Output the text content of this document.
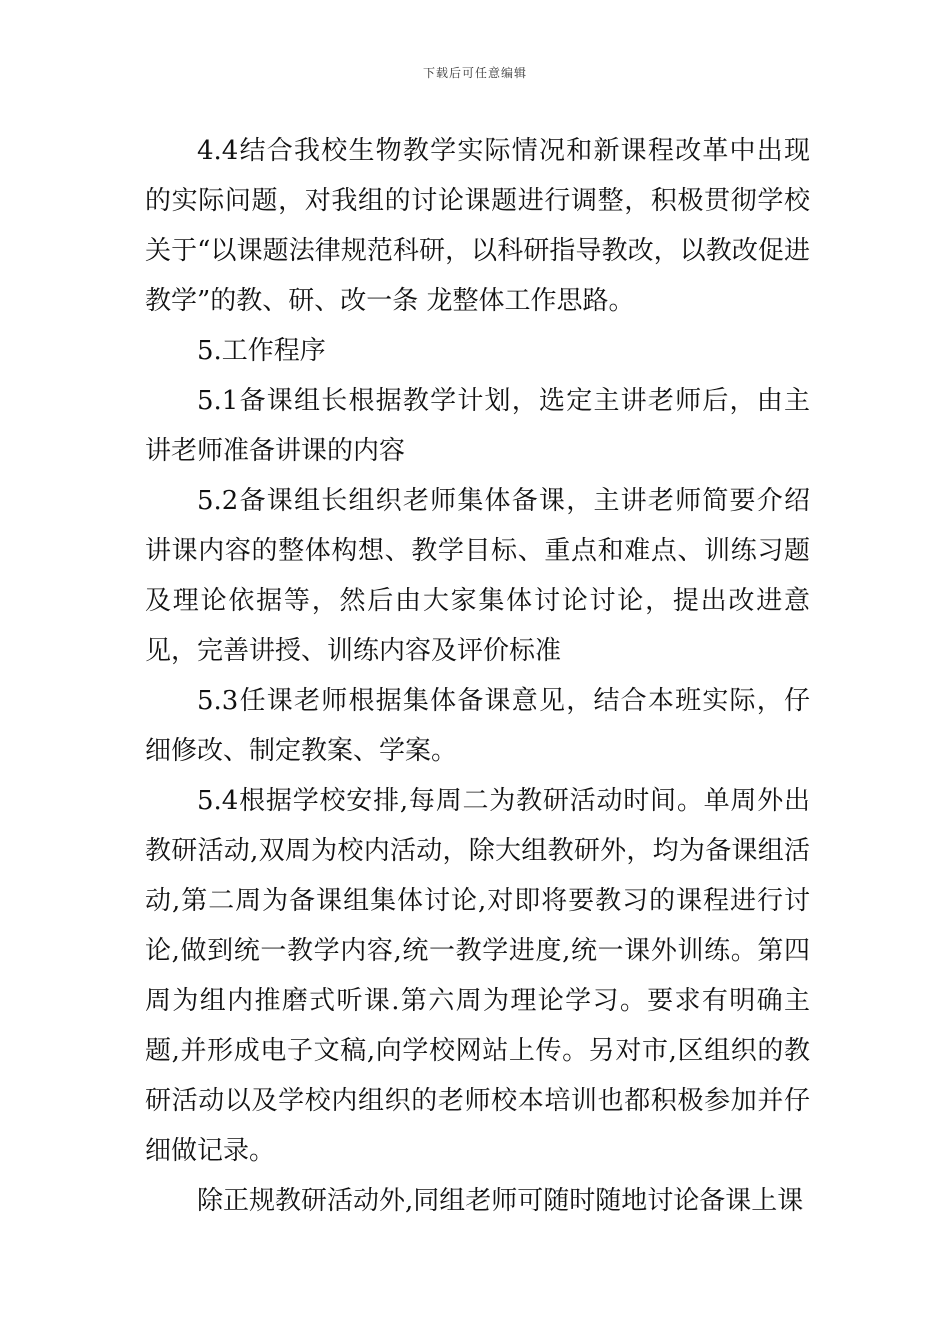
下载后可任意编辑

4.4结合我校生物教学实际情况和新课程改革中出现的实际问题，对我组的讨论课题进行调整，积极贯彻学校关于“以课题法律规范科研，以科研指导教改，以教改促进教学”的教、研、改一条 龙整体工作思路。

5.工作程序

5.1备课组长根据教学计划，选定主讲老师后，由主讲老师准备讲课的内容

5.2备课组长组织老师集体备课，主讲老师简要介绍讲课内容的整体构想、教学目标、重点和难点、训练习题及理论依据等，然后由大家集体讨论讨论，提出改进意见，完善讲授、训练内容及评价标准

5.3任课老师根据集体备课意见，结合本班实际，仔细修改、制定教案、学案。

5.4根据学校安排,每周二为教研活动时间。单周外出教研活动,双周为校内活动，除大组教研外，均为备课组活动,第二周为备课组集体讨论,对即将要教习的课程进行讨论,做到统一教学内容,统一教学进度,统一课外训练。第四周为组内推磨式听课.第六周为理论学习。要求有明确主题,并形成电子文稿,向学校网站上传。另对市,区组织的教研活动以及学校内组织的老师校本培训也都积极参加并仔细做记录。

除正规教研活动外,同组老师可随时随地讨论备课上课
